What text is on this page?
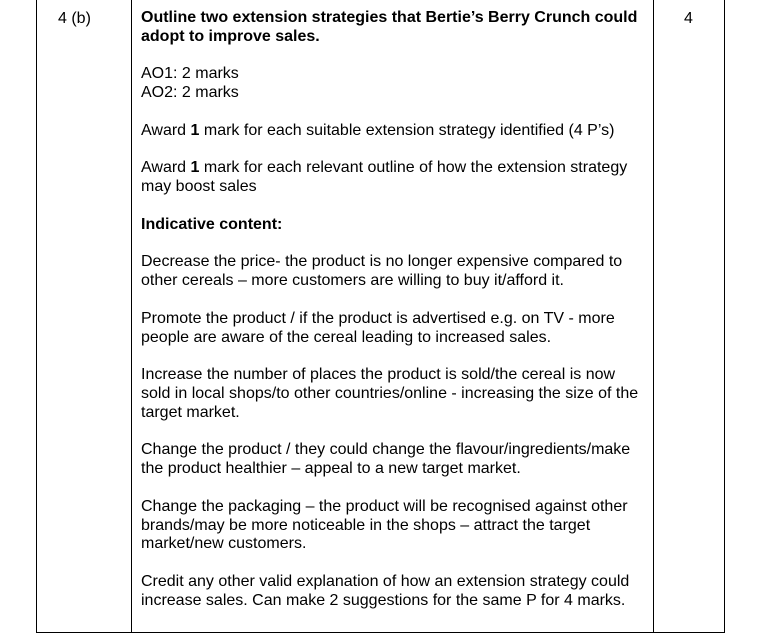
4 (b)	Outline two extension strategies that Bertie’s Berry Crunch could adopt to improve sales.

AO1: 2 marks

AO2: 2 marks

Award 1 mark for each suitable extension strategy identified (4 P’s)

Award 1 mark for each relevant outline of how the extension strategy may boost sales

Indicative content:

Decrease the price- the product is no longer expensive compared to other cereals – more customers are willing to buy it/afford it.

Promote the product / if the product is advertised e.g. on TV - more people are aware of the cereal leading to increased sales.

Increase the number of places the product is sold/the cereal is now sold in local shops/to other countries/online - increasing the size of the target market.

Change the product / they could change the flavour/ingredients/make the product healthier – appeal to a new target market.

Change the packaging – the product will be recognised against other brands/may be more noticeable in the shops – attract the target market/new customers.

Credit any other valid explanation of how an extension strategy could increase sales. Can make 2 suggestions for the same P for 4 marks.

4
